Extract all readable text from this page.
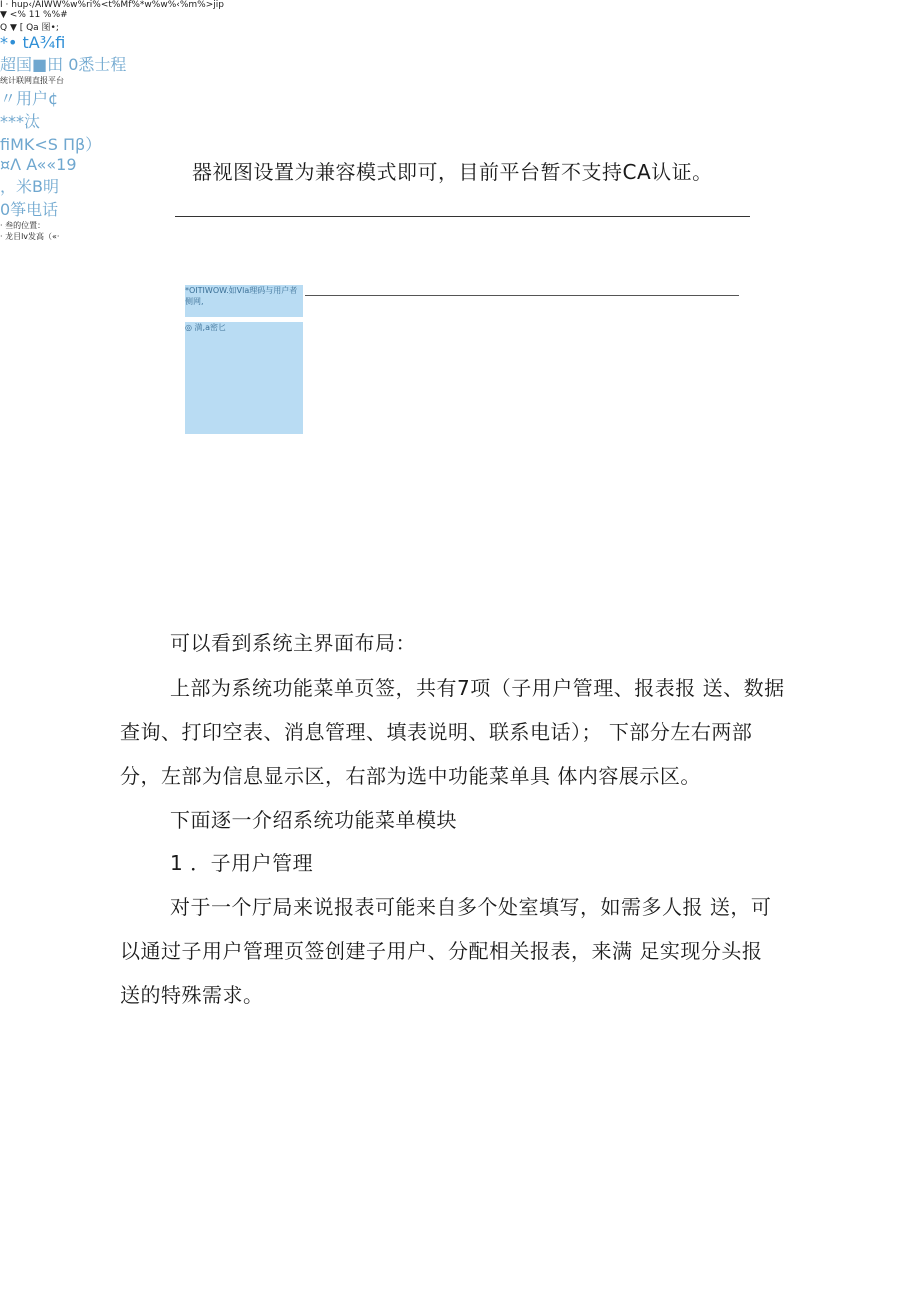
器视图设置为兼容模式即可，目前平台暂不支持CA认证。
I · hup‹/AIWW%w%ri%<t%Mf%*w%w%‹%m%>jip
▼ <% 11 %%#
Q ▼ [ Qa 图•;
*• tA¾fi
超国■田 0悉士程
统计联网直报平台
〃用户¢
***汰
fiMK<S Пβ）
¤Λ A««19
，米B明
0筝电话
*OITIWOW.如Vla理码与用户者
侧网,
◎ 満,a密匕
· 叁的位置：
· 龙目lv发高（«·
可以看到系统主界面布局：
上部为系统功能菜单页签，共有7项（子用户管理、报表报 送、数据
查询、打印空表、消息管理、填表说明、联系电话）； 下部分左右两部
分，左部为信息显示区，右部为选中功能菜单具 体内容展示区。
下面逐一介绍系统功能菜单模块
1 ．子用户管理
对于一个厅局来说报表可能来自多个处室填写，如需多人报 送，可
以通过子用户管理页签创建子用户、分配相关报表，来满 足实现分头报
送的特殊需求。
